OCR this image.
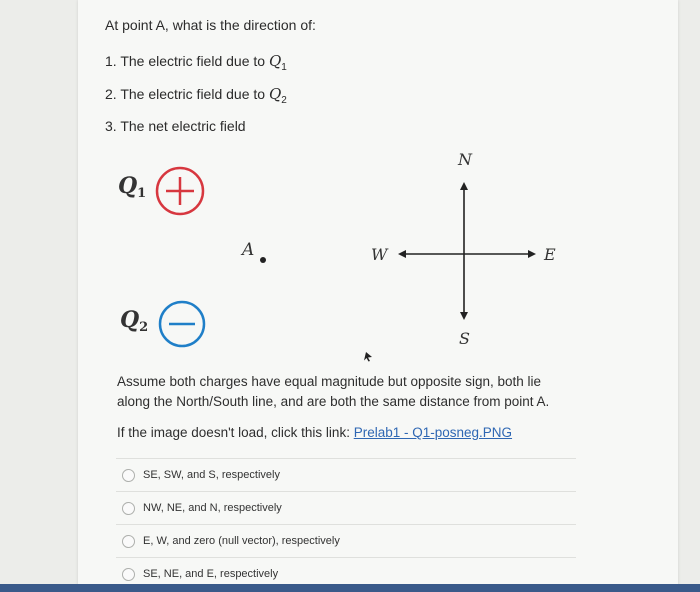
At point A, what is the direction of:
1. The electric field due to $Q_1$
2. The electric field due to $Q_2$
3. The net electric field
Q1
A
Q2
N
S
E
W
Assume both charges have equal magnitude but opposite sign, both lie along the North/South line, and are both the same distance from point A.
If the image doesn't load, click this link: Prelab1 - Q1-posneg.PNG
SE, SW, and S, respectively
NW, NE, and N, respectively
E, W, and zero (null vector), respectively
SE, NE, and E, respectively
